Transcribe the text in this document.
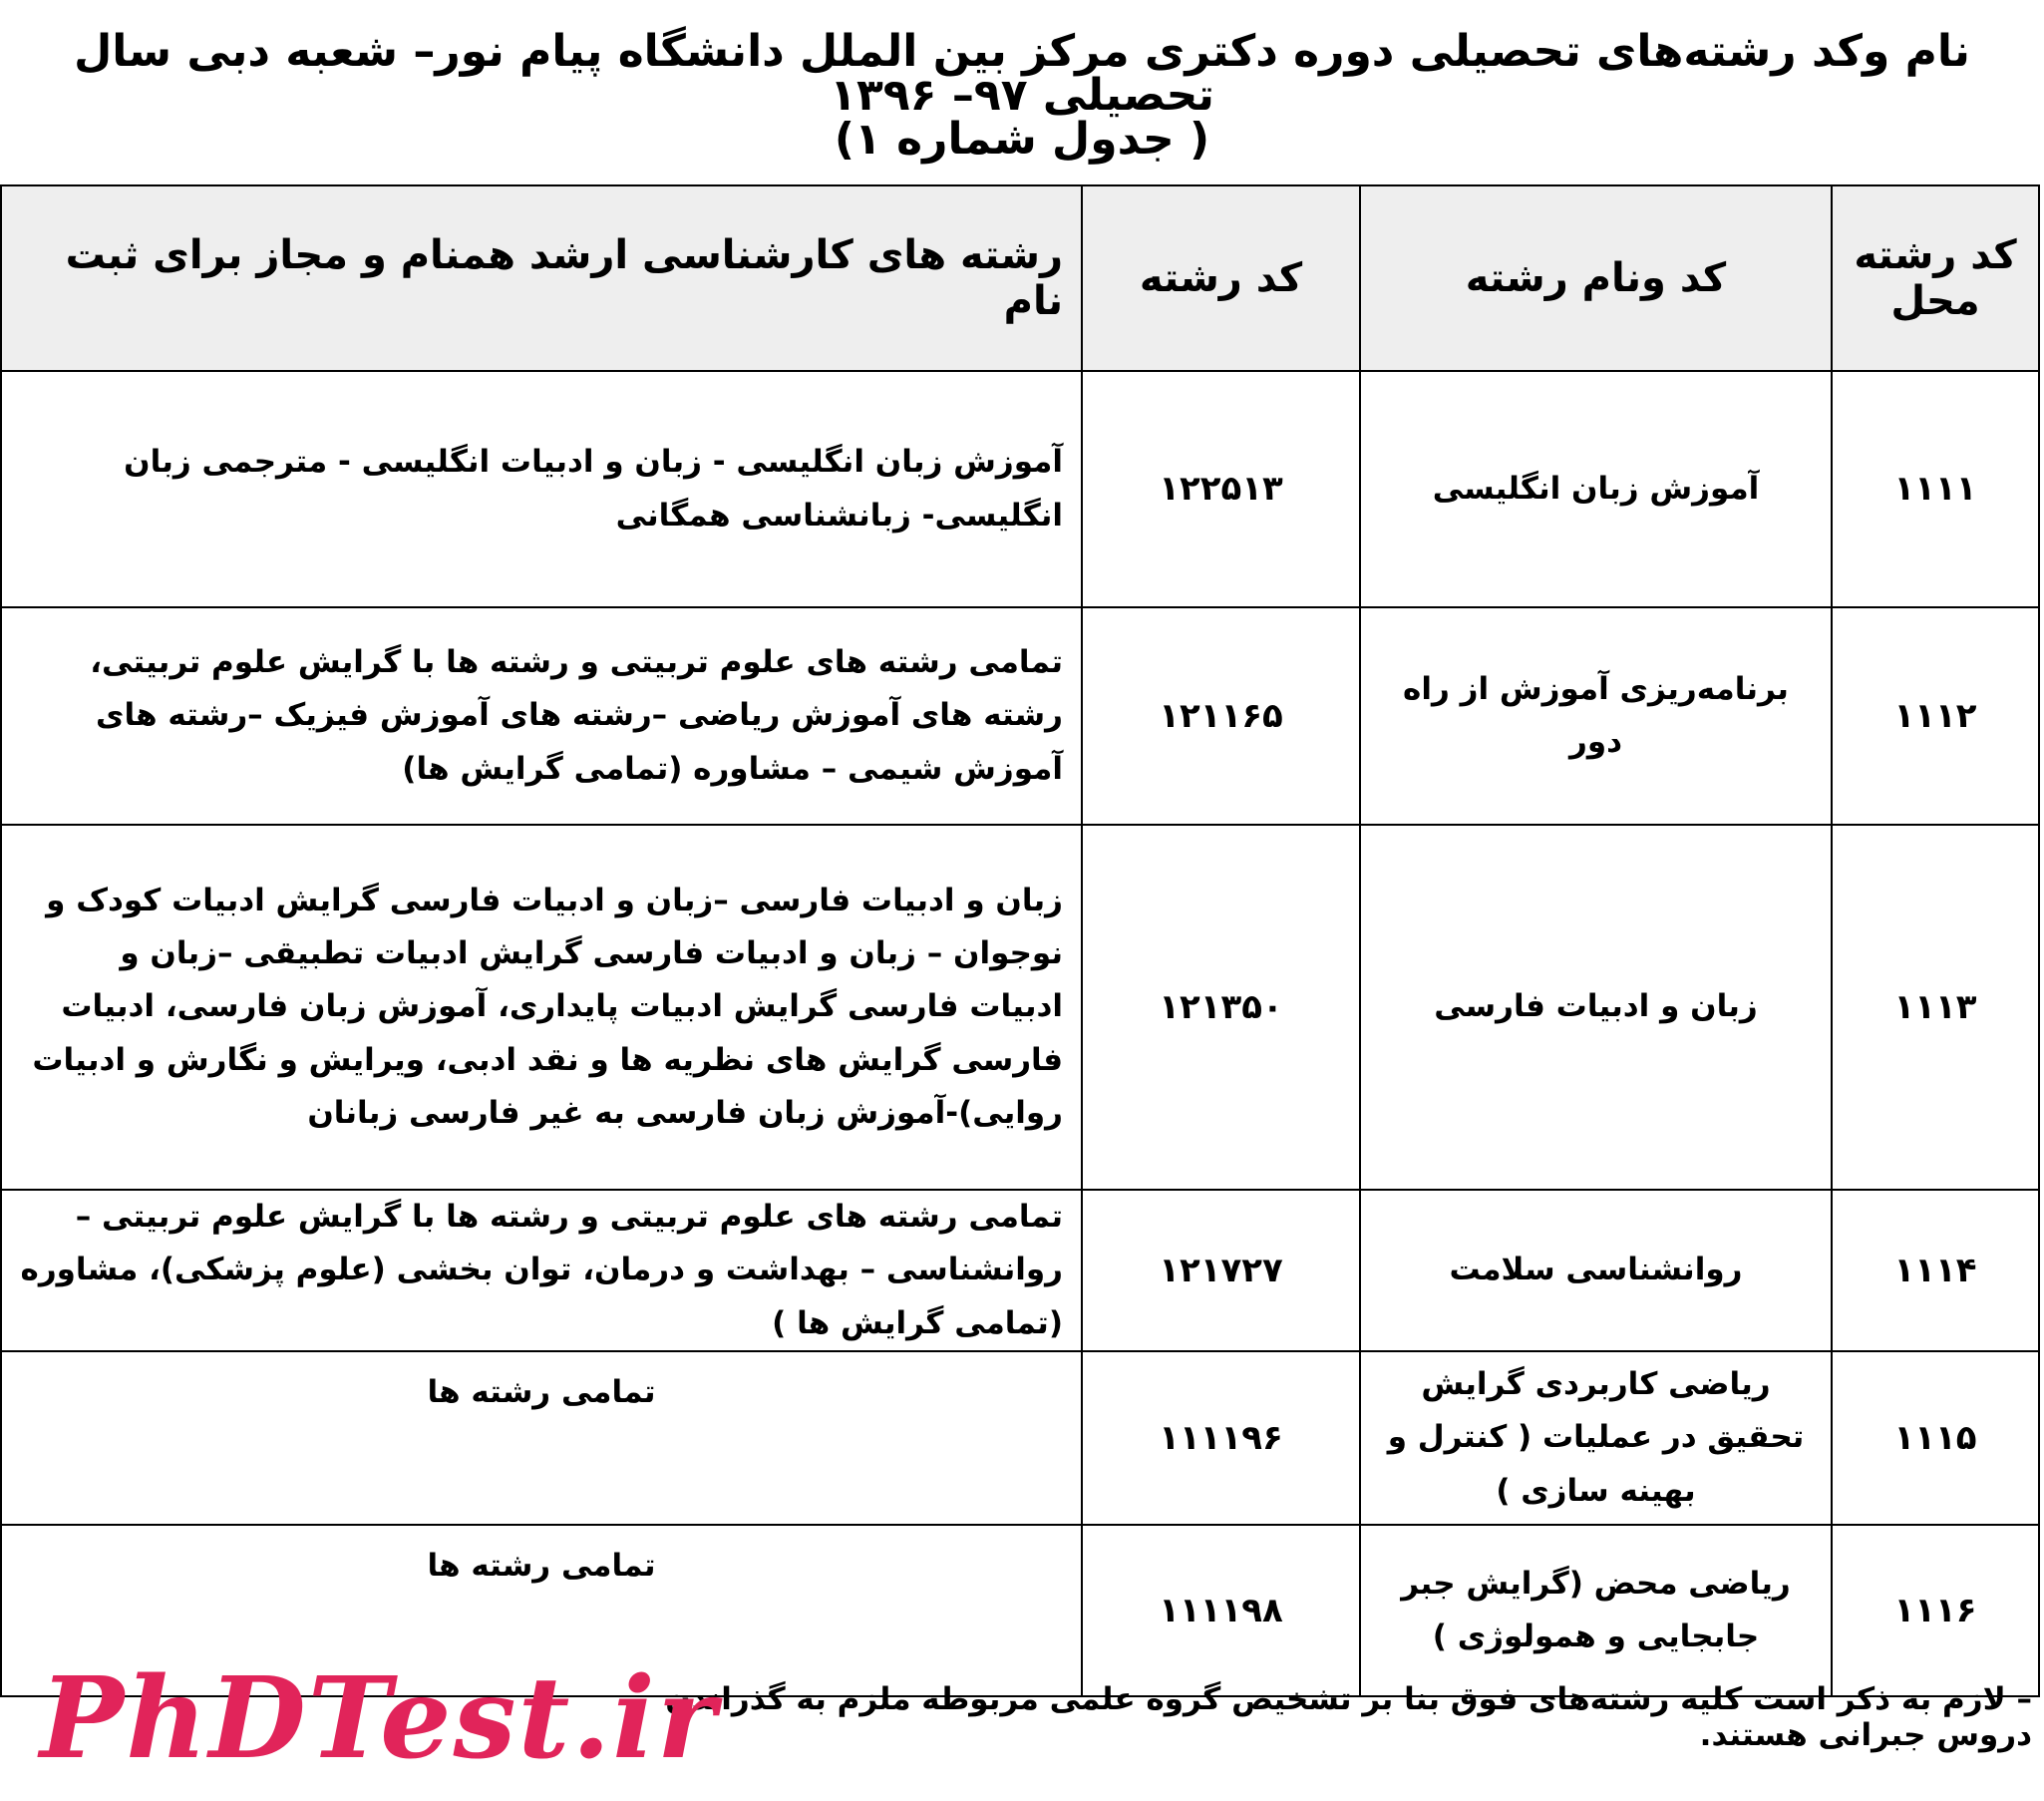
نام وکد رشته‌های تحصیلی دوره دکتری مرکز بین الملل دانشگاه پیام نور– شعبه دبی سال تحصیلی ۹۷– ۱۳۹۶
( جدول شماره ۱)
کد رشته محل	کد ونام رشته	کد رشته	رشته های کارشناسی ارشد همنام و مجاز برای ثبت نام
۱۱۱۱	آموزش زبان انگلیسی	۱۲۲۵۱۳	آموزش زبان انگلیسی - زبان و ادبیات انگلیسی - مترجمی زبان انگلیسی- زبانشناسی همگانی
۱۱۱۲	برنامه‌ریزی آموزش از راه دور	۱۲۱۱۶۵	تمامی رشته های علوم تربیتی و رشته ها با گرایش علوم تربیتی، رشته های آموزش ریاضی –رشته های آموزش فیزیک –رشته های آموزش شیمی – مشاوره (تمامی گرایش ها)
۱۱۱۳	زبان و ادبیات فارسی	۱۲۱۳۵۰	زبان و ادبیات فارسی –زبان و ادبیات فارسی گرایش ادبیات کودک و نوجوان – زبان و ادبیات فارسی گرایش ادبیات تطبیقی –زبان و ادبیات فارسی گرایش ادبیات پایداری، آموزش زبان فارسی، ادبیات فارسی گرایش های نظریه ها و نقد ادبی، ویرایش و نگارش و ادبیات روایی)-آموزش زبان فارسی به غیر فارسی زبانان
۱۱۱۴	روانشناسی سلامت	۱۲۱۷۲۷	تمامی رشته های علوم تربیتی و رشته ها با گرایش علوم تربیتی –روانشناسی – بهداشت و درمان، توان بخشی (علوم پزشکی)، مشاوره (تمامی گرایش ها )
۱۱۱۵	ریاضی کاربردی گرایش تحقیق در عملیات ( کنترل و بهینه سازی )	۱۱۱۱۹۶	تمامی رشته ها
۱۱۱۶	ریاضی محض (گرایش جبر جابجایی و همولوژی )	۱۱۱۱۹۸	تمامی رشته ها
– لازم به ذکر است کلیه رشته‌های فوق بنا بر تشخیص گروه علمی مربوطه ملزم به گذراندن دروس جبرانی هستند.
PhDTest.ir
